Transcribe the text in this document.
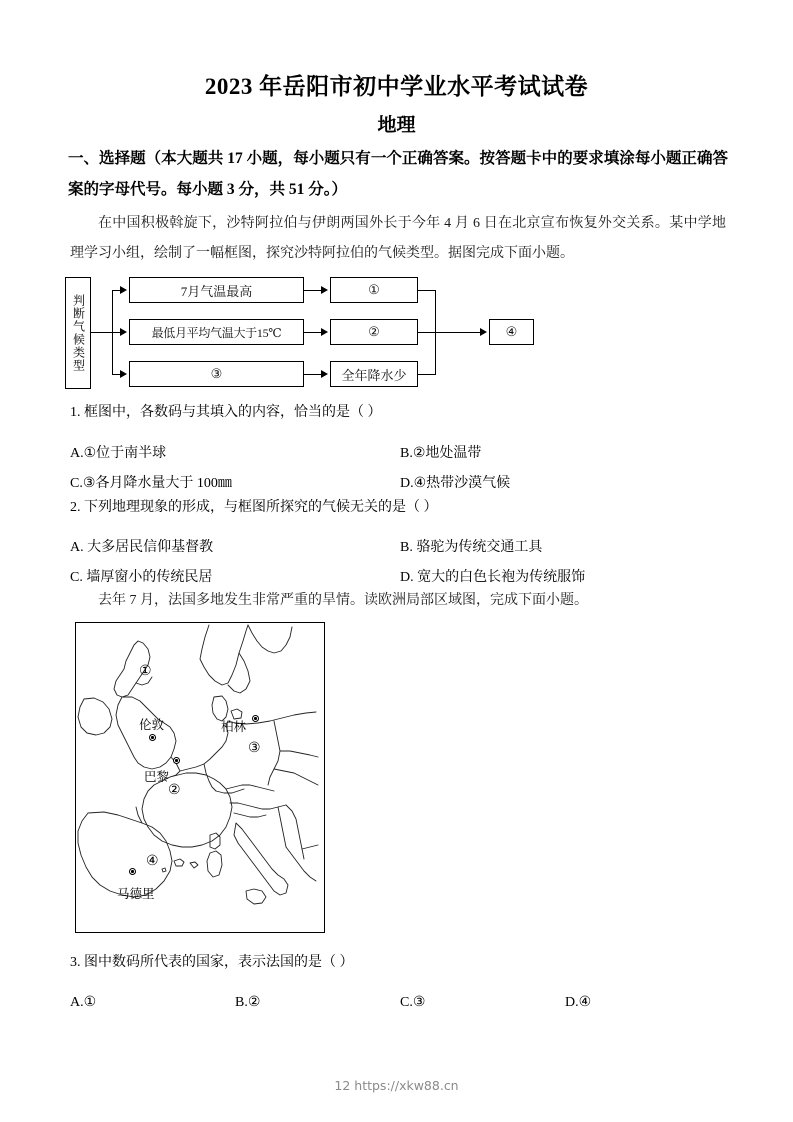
2023 年岳阳市初中学业水平考试试卷
地理
一、选择题（本大题共 17 小题，每小题只有一个正确答案。按答题卡中的要求填涂每小题正确答案的字母代号。每小题 3 分，共 51 分。）
在中国积极斡旋下，沙特阿拉伯与伊朗两国外长于今年 4 月 6 日在北京宣布恢复外交关系。某中学地理学习小组，绘制了一幅框图，探究沙特阿拉伯的气候类型。据图完成下面小题。
判断气候类型
7月气温最高
最低月平均气温大于15℃
③
①
②
全年降水少
④
1. 框图中，各数码与其填入的内容，恰当的是（ ）
A.①位于南半球	B.②地处温带
C.③各月降水量大于 100㎜	D.④热带沙漠气候
2. 下列地理现象的形成，与框图所探究的气候无关的是（ ）
A. 大多居民信仰基督教	B. 骆驼为传统交通工具
C. 墙厚窗小的传统民居	D. 宽大的白色长袍为传统服饰
去年 7 月，法国多地发生非常严重的旱情。读欧洲局部区域图，完成下面小题。
①
②
③
④
伦敦	柏林
巴黎
马德里
3. 图中数码所代表的国家，表示法国的是（ ）
A.①	B.②	C.③	D.④
12 https://xkw88.cn
